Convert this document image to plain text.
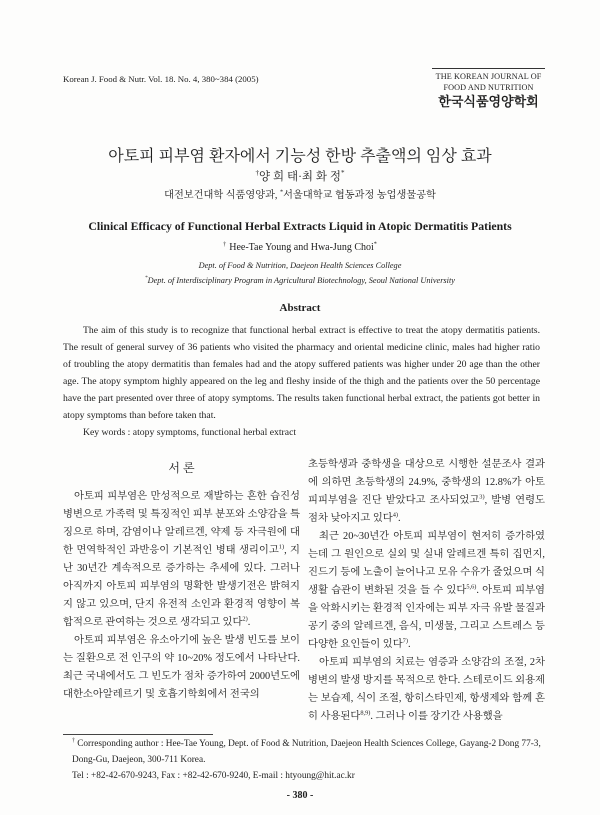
Korean J. Food & Nutr. Vol. 18. No. 4, 380~384 (2005)	THE KOREAN JOURNAL OF
FOOD AND NUTRITION
한국식품영양학회
아토피 피부염 환자에서 기능성 한방 추출액의 임상 효과
†양 희 태·최 화 정*
대전보건대학 식품영양과, *서울대학교 협동과정 농업생물공학
Clinical Efficacy of Functional Herbal Extracts Liquid in Atopic Dermatitis Patients
† Hee-Tae Young and Hwa-Jung Choi*
Dept. of Food & Nutrition, Daejeon Health Sciences College
*Dept. of Interdisciplinary Program in Agricultural Biotechnology, Seoul National University
Abstract

The aim of this study is to recognize that functional herbal extract is effective to treat the atopy dermatitis patients. The result of general survey of 36 patients who visited the pharmacy and oriental medicine clinic, males had higher ratio of troubling the atopy dermatitis than females had and the atopy suffered patients was higher under 20 age than the other age. The atopy symptom highly appeared on the leg and fleshy inside of the thigh and the patients over the 50 percentage have the part presented over three of atopy symptoms. The results taken functional herbal extract, the patients got better in atopy symptoms than before taken that.

Key words : atopy symptoms, functional herbal extract

서 론

아토피 피부염은 만성적으로 재발하는 흔한 습진성 병변으로 가족력 및 특징적인 피부 분포와 소양감을 특징으로 하며, 감염이나 알레르겐, 약제 등 자극원에 대한 면역학적인 과반응이 기본적인 병태 생리이고$^{1)}$, 지난 30년간 계속적으로 증가하는 추세에 있다. 그러나 아직까지 아토피 피부염의 명확한 발생기전은 밝혀지지 않고 있으며, 단지 유전적 소인과 환경적 영향이 복합적으로 관여하는 것으로 생각되고 있다$^{2)}$.

아토피 피부염은 유소아기에 높은 발생 빈도를 보이는 질환으로 전 인구의 약 10~20% 정도에서 나타난다. 최근 국내에서도 그 빈도가 점차 증가하여 2000년도에 대한소아알레르기 및 호흡기학회에서 전국의

초등학생과 중학생을 대상으로 시행한 설문조사 결과에 의하면 초등학생의 24.9%, 중학생의 12.8%가 아토피피부염을 진단 받았다고 조사되었고$^{3)}$, 발병 연령도 점차 낮아지고 있다$^{4)}$.

최근 20~30년간 아토피 피부염이 현저히 증가하였는데 그 원인으로 실외 및 실내 알레르겐 특히 집먼지, 진드기 등에 노출이 늘어나고 모유 수유가 줄었으며 식생활 습관이 변화된 것을 들 수 있다$^{5,6)}$. 아토피 피부염을 악화시키는 환경적 인자에는 피부 자극 유발 물질과 공기 중의 알레르겐, 음식, 미생물, 그리고 스트레스 등 다양한 요인들이 있다$^{7)}$.

아토피 피부염의 치료는 염증과 소양감의 조절, 2차 병변의 발생 방지를 목적으로 한다. 스테로이드 외용제는 보습제, 식이 조절, 항히스타민제, 항생제와 함께 흔히 사용된다$^{8,9)}$. 그러나 이를 장기간 사용했을

† Corresponding author : Hee-Tae Young, Dept. of Food & Nutrition, Daejeon Health Sciences College, Gayang-2 Dong 77-3, Dong-Gu, Daejeon, 300-711 Korea.

Tel : +82-42-670-9243, Fax : +82-42-670-9240, E-mail : htyoung@hit.ac.kr

- 380 -
